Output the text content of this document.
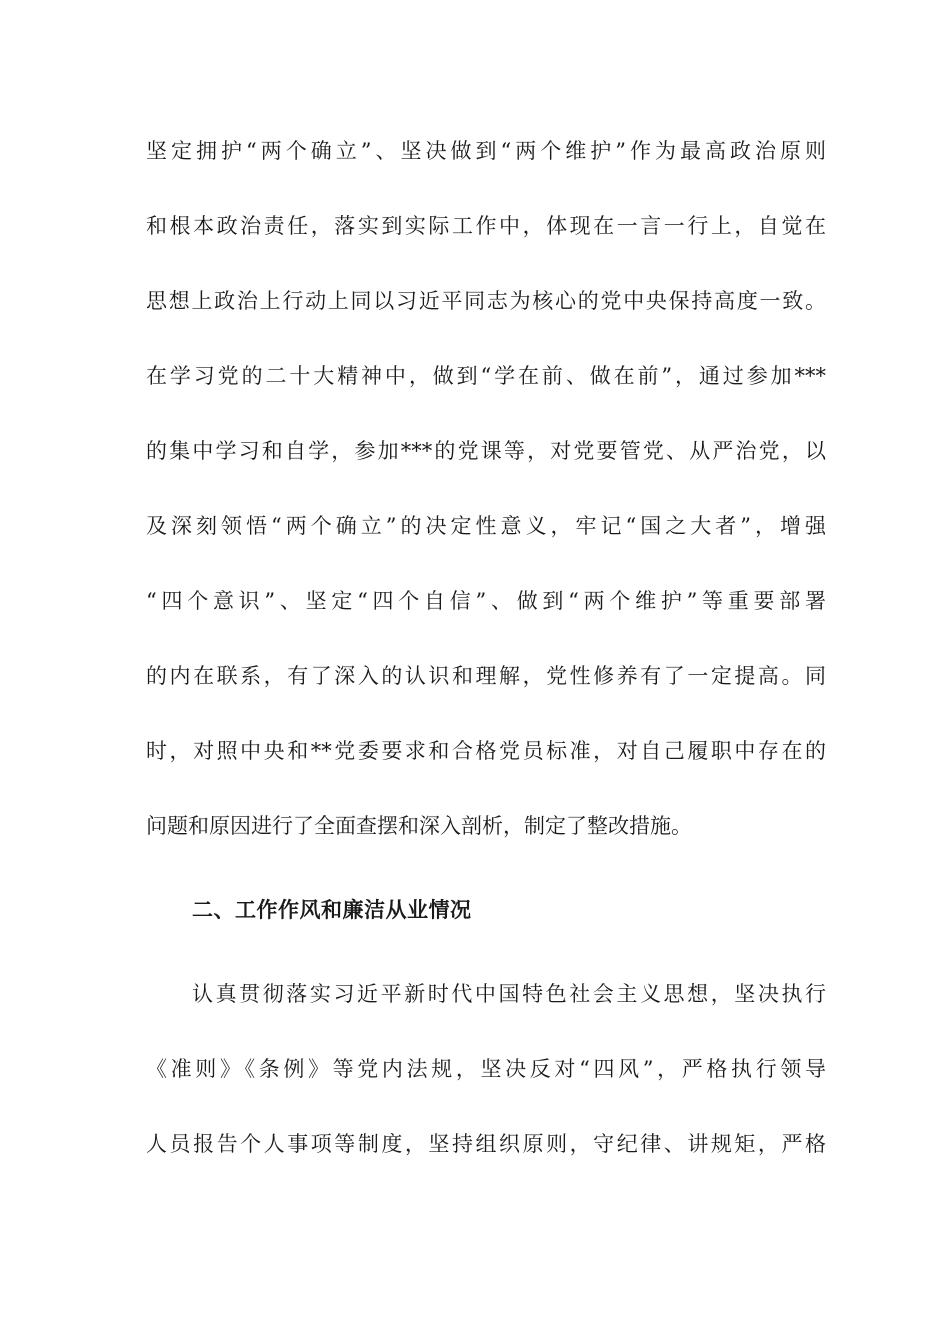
坚定拥护“两个确立”、坚决做到“两个维护”作为最高政治原则
和根本政治责任，落实到实际工作中，体现在一言一行上，自觉在
思想上政治上行动上同以习近平同志为核心的党中央保持高度一致。
在学习党的二十大精神中，做到“学在前、做在前”，通过参加***
的集中学习和自学，参加***的党课等，对党要管党、从严治党，以
及深刻领悟“两个确立”的决定性意义，牢记“国之大者”，增强
“四个意识”、坚定“四个自信”、做到“两个维护”等重要部署
的内在联系，有了深入的认识和理解，党性修养有了一定提高。同
时，对照中央和**党委要求和合格党员标准，对自己履职中存在的
问题和原因进行了全面查摆和深入剖析，制定了整改措施。
二、工作作风和廉洁从业情况
认真贯彻落实习近平新时代中国特色社会主义思想，坚决执行
《准则》《条例》等党内法规，坚决反对“四风”，严格执行领导
人员报告个人事项等制度，坚持组织原则，守纪律、讲规矩，严格
